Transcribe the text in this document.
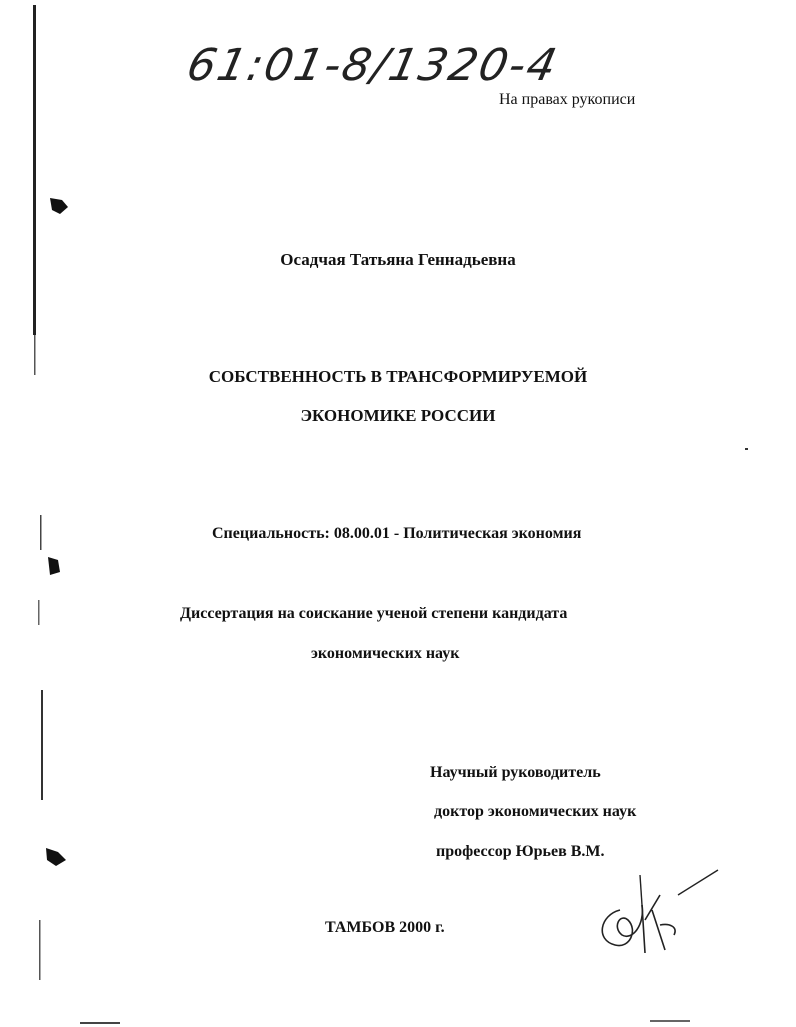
61:01-8/1320-4
На правах рукописи
Осадчая Татьяна Геннадьевна
СОБСТВЕННОСТЬ В ТРАНСФОРМИРУЕМОЙ
ЭКОНОМИКЕ РОССИИ
Специальность: 08.00.01 - Политическая экономия
Диссертация на соискание ученой степени кандидата
экономических наук
Научный руководитель
доктор экономических наук
профессор Юрьев В.М.
ТАМБОВ 2000 г.
